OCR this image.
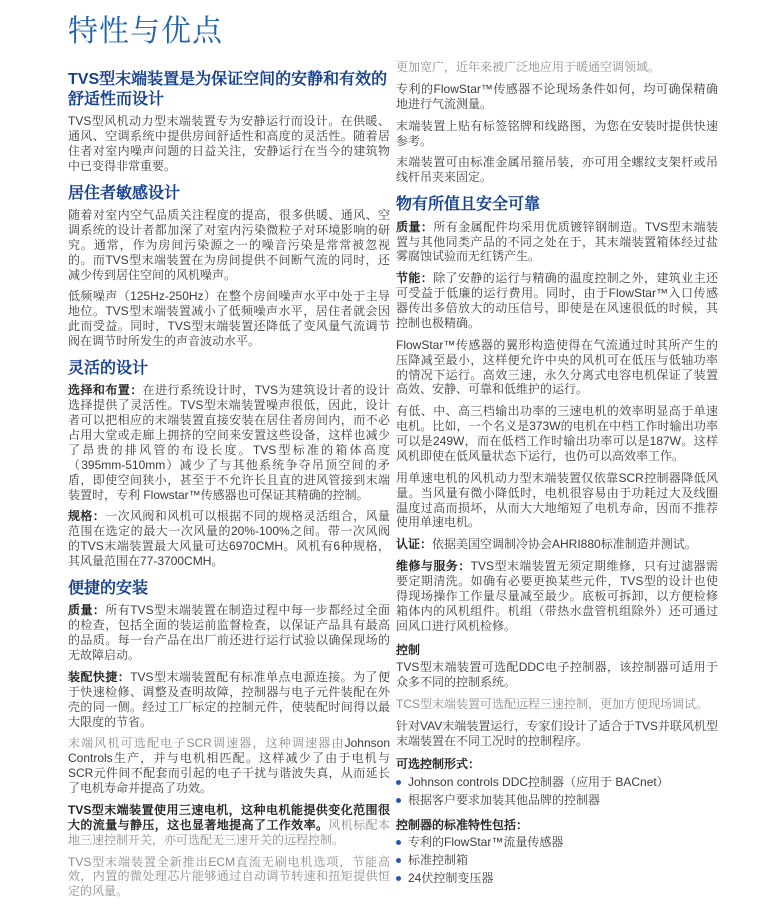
特性与优点
TVS型末端装置是为保证空间的安静和有效的舒适性而设计

TVS型风机动力型末端装置专为安静运行而设计。在供暖、通风、空调系统中提供房间舒适性和高度的灵活性。随着居住者对室内噪声问题的日益关注，安静运行在当今的建筑物中已变得非常重要。

居住者敏感设计

随着对室内空气品质关注程度的提高，很多供暖、通风、空调系统的设计者都加深了对室内污染微粒子对环境影响的研究。通常，作为房间污染源之一的噪音污染是常常被忽视的。而TVS型末端装置在为房间提供不间断气流的同时，还减少传到居住空间的风机噪声。

低频噪声（125Hz-250Hz）在整个房间噪声水平中处于主导地位。TVS型末端装置减小了低频噪声水平，居住者就会因此而受益。同时，TVS型末端装置还降低了变风量气流调节阀在调节时所发生的声音波动水平。

灵活的设计

选择和布置：在进行系统设计时，TVS为建筑设计者的设计选择提供了灵活性。TVS型末端装置噪声很低，因此，设计者可以把相应的末端装置直接安装在居住者房间内，而不必占用大堂或走廊上拥挤的空间来安置这些设备，这样也减少了昂贵的排风管的布设长度。TVS型标准的箱体高度（395mm-510mm）减少了与其他系统争夺吊顶空间的矛盾，即使空间狭小，甚至于不允许长且直的进风管接到末端装置时，专利 Flowstar™传感器也可保证其精确的控制。

规格：一次风阀和风机可以根据不同的规格灵活组合，风量范围在选定的最大一次风量的20%-100%之间。带一次风阀的TVS末端装置最大风量可达6970CMH。风机有6种规格，其风量范围在77-3700CMH。

便捷的安装

质量：所有TVS型末端装置在制造过程中每一步都经过全面的检查，包括全面的装运前监督检查，以保证产品具有最高的品质。每一台产品在出厂前还进行运行试验以确保现场的无故障启动。

装配快捷：TVS型末端装置配有标准单点电源连接。为了便于快速检修、调整及查明故障，控制器与电子元件装配在外壳的同一侧。经过工厂标定的控制元件，使装配时间得以最大限度的节省。

末端风机可选配电子SCR调速器，这种调速器由Johnson Controls生产，并与电机相匹配。这样减少了由于电机与SCR元件间不配套而引起的电子干扰与谐波失真，从而延长了电机寿命并提高了功效。

TVS型末端装置使用三速电机，这种电机能提供变化范围很大的流量与静压，这也显著地提高了工作效率。风机标配本地三速控制开关，亦可选配无三速开关的远程控制。

TVS型末端装置全新推出ECM直流无刷电机选项，节能高效，内置的微处理芯片能够通过自动调节转速和扭矩提供恒定的风量。

更加宽广，近年来被广泛地应用于暖通空调领域。

专利的FlowStar™传感器不论现场条件如何，均可确保精确地进行气流测量。

末端装置上贴有标签铭牌和线路图，为您在安装时提供快速参考。

末端装置可由标准金属吊箍吊装，亦可用全螺纹支架杆或吊线杆吊夹来固定。

物有所值且安全可靠

质量：所有金属配件均采用优质镀锌钢制造。TVS型末端装置与其他同类产品的不同之处在于，其末端装置箱体经过盐雾腐蚀试验而无红锈产生。

节能：除了安静的运行与精确的温度控制之外，建筑业主还可受益于低廉的运行费用。同时，由于FlowStar™入口传感器传出多倍放大的动压信号，即使是在风速很低的时候，其控制也极精确。

FlowStar™传感器的翼形构造使得在气流通过时其所产生的压降减至最小，这样便允许中央的风机可在低压与低轴功率的情况下运行。高效三速，永久分离式电容电机保证了装置高效、安静、可靠和低维护的运行。

有低、中、高三档输出功率的三速电机的效率明显高于单速电机。比如，一个名义是373W的电机在中档工作时输出功率可以是249W，而在低档工作时输出功率可以是187W。这样风机即使在低风量状态下运行，也仍可以高效率工作。

用单速电机的风机动力型末端装置仅依靠SCR控制器降低风量。当风量有微小降低时，电机很容易由于功耗过大及线圈温度过高而损坏，从而大大地缩短了电机寿命，因而不推荐使用单速电机。

认证：依据美国空调制冷协会AHRI880标准制造并测试。

维修与服务：TVS型末端装置无须定期维修，只有过滤器需要定期清洗。如确有必要更换某些元件，TVS型的设计也使得现场操作工作量尽量减至最少。底板可拆卸，以方便检修箱体内的风机组件。机组（带热水盘管机组除外）还可通过回风口进行风机检修。

控制

TVS型末端装置可选配DDC电子控制器，该控制器可适用于众多不同的控制系统。

TCS型末端装置可选配远程三速控制，更加方便现场调试。

针对VAV末端装置运行，专家们设计了适合于TVS并联风机型末端装置在不同工况时的控制程序。

可选控制形式：
Johnson controls DDC控制器（应用于 BACnet）
根据客户要求加装其他品牌的控制器
控制器的标准特性包括：
专利的FlowStar™流量传感器
标准控制箱
24伏控制变压器
